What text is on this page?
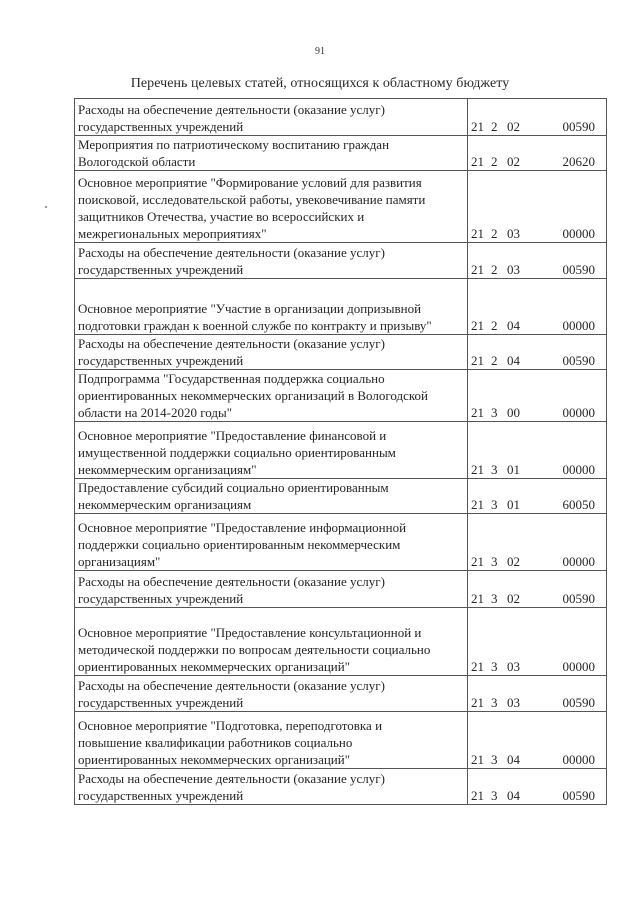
91
Перечень целевых статей, относящихся к областному бюджету
Расходы на обеспечение деятельности (оказание услуг)
государственных учреждений	21 2 02 00590

Мероприятия по патриотическому воспитанию граждан
Вологодской области	21 2 02 20620

Основное мероприятие "Формирование условий для развития
поисковой, исследовательской работы, увековечивание памяти
защитников Отечества, участие во всероссийских и
межрегиональных мероприятиях"	21 2 03 00000

Расходы на обеспечение деятельности (оказание услуг)
государственных учреждений	21 2 03 00590

Основное мероприятие "Участие в организации допризывной
подготовки граждан к военной службе по контракту и призыву"	21 2 04 00000

Расходы на обеспечение деятельности (оказание услуг)
государственных учреждений	21 2 04 00590

Подпрограмма "Государственная поддержка социально
ориентированных некоммерческих организаций в Вологодской
области на 2014-2020 годы"	21 3 00 00000

Основное мероприятие "Предоставление финансовой и
имущественной поддержки социально ориентированным
некоммерческим организациям"	21 3 01 00000

Предоставление субсидий социально ориентированным
некоммерческим организациям	21 3 01 60050

Основное мероприятие "Предоставление информационной
поддержки социально ориентированным некоммерческим
организациям"	21 3 02 00000

Расходы на обеспечение деятельности (оказание услуг)
государственных учреждений	21 3 02 00590

Основное мероприятие "Предоставление консультационной и
методической поддержки по вопросам деятельности социально
ориентированных некоммерческих организаций"	21 3 03 00000

Расходы на обеспечение деятельности (оказание услуг)
государственных учреждений	21 3 03 00590

Основное мероприятие "Подготовка, переподготовка и
повышение квалификации работников социально
ориентированных некоммерческих организаций"	21 3 04 00000

Расходы на обеспечение деятельности (оказание услуг)
государственных учреждений	21 3 04 00590
